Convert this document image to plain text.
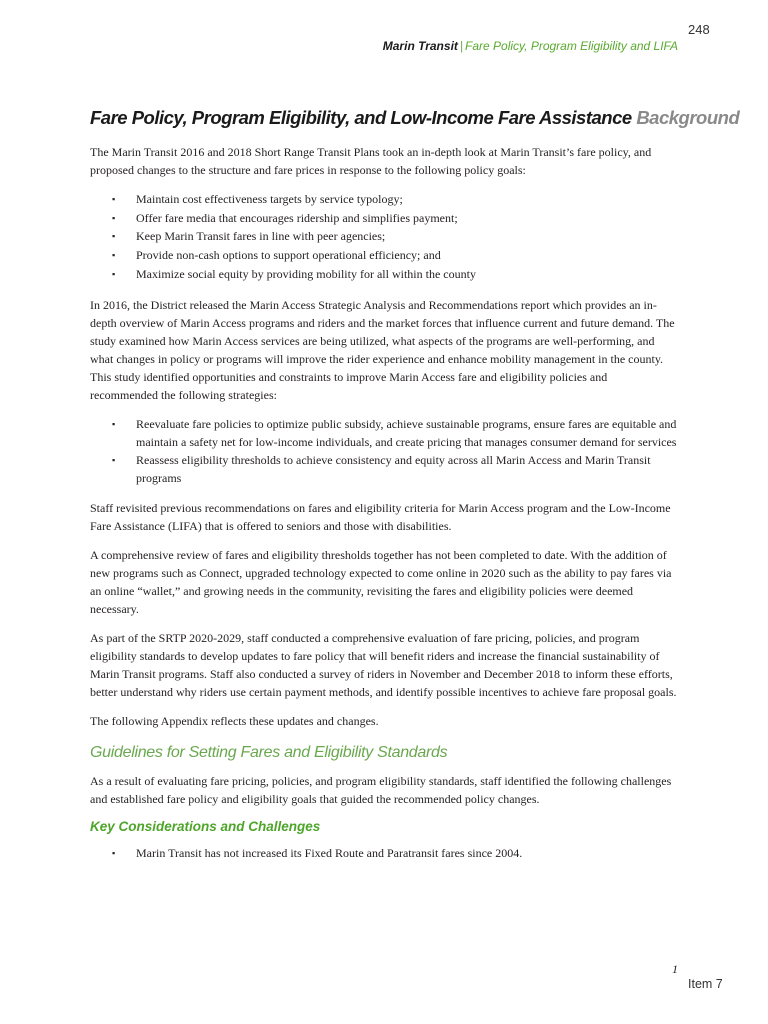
248
Marin Transit | Fare Policy, Program Eligibility and LIFA
Fare Policy, Program Eligibility, and Low-Income Fare Assistance Background

The Marin Transit 2016 and 2018 Short Range Transit Plans took an in-depth look at Marin Transit’s fare policy, and proposed changes to the structure and fare prices in response to the following policy goals:

▪ Maintain cost effectiveness targets by service typology;
▪ Offer fare media that encourages ridership and simplifies payment;
▪ Keep Marin Transit fares in line with peer agencies;
▪ Provide non-cash options to support operational efficiency; and
▪ Maximize social equity by providing mobility for all within the county

In 2016, the District released the Marin Access Strategic Analysis and Recommendations report which provides an in-depth overview of Marin Access programs and riders and the market forces that influence current and future demand. The study examined how Marin Access services are being utilized, what aspects of the programs are well-performing, and what changes in policy or programs will improve the rider experience and enhance mobility management in the county. This study identified opportunities and constraints to improve Marin Access fare and eligibility policies and recommended the following strategies:

▪ Reevaluate fare policies to optimize public subsidy, achieve sustainable programs, ensure fares are equitable and maintain a safety net for low-income individuals, and create pricing that manages consumer demand for services
▪ Reassess eligibility thresholds to achieve consistency and equity across all Marin Access and Marin Transit programs

Staff revisited previous recommendations on fares and eligibility criteria for Marin Access program and the Low-Income Fare Assistance (LIFA) that is offered to seniors and those with disabilities.

A comprehensive review of fares and eligibility thresholds together has not been completed to date. With the addition of new programs such as Connect, upgraded technology expected to come online in 2020 such as the ability to pay fares via an online “wallet,” and growing needs in the community, revisiting the fares and eligibility policies were deemed necessary.

As part of the SRTP 2020-2029, staff conducted a comprehensive evaluation of fare pricing, policies, and program eligibility standards to develop updates to fare policy that will benefit riders and increase the financial sustainability of Marin Transit programs. Staff also conducted a survey of riders in November and December 2018 to inform these efforts, better understand why riders use certain payment methods, and identify possible incentives to achieve fare proposal goals.

The following Appendix reflects these updates and changes.

Guidelines for Setting Fares and Eligibility Standards

As a result of evaluating fare pricing, policies, and program eligibility standards, staff identified the following challenges and established fare policy and eligibility goals that guided the recommended policy changes.

Key Considerations and Challenges
▪ Marin Transit has not increased its Fixed Route and Paratransit fares since 2004.
1
Item 7
